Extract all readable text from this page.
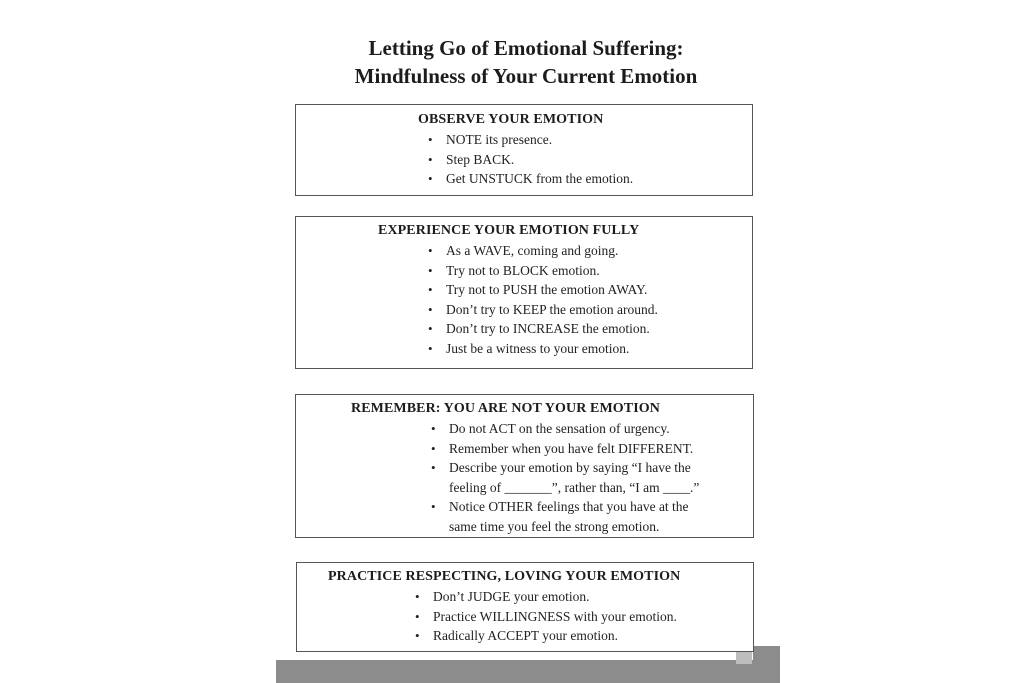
Letting Go of Emotional Suffering:
Mindfulness of Your Current Emotion
OBSERVE YOUR EMOTION
• NOTE its presence.
• Step BACK.
• Get UNSTUCK from the emotion.
EXPERIENCE YOUR EMOTION FULLY
• As a WAVE, coming and going.
• Try not to BLOCK emotion.
• Try not to PUSH the emotion AWAY.
• Don’t try to KEEP the emotion around.
• Don’t try to INCREASE the emotion.
• Just be a witness to your emotion.
REMEMBER: YOU ARE NOT YOUR EMOTION
• Do not ACT on the sensation of urgency.
• Remember when you have felt DIFFERENT.
• Describe your emotion by saying “I have the
feeling of _______”, rather than, “I am ____.”
• Notice OTHER feelings that you have at the
same time you feel the strong emotion.
PRACTICE RESPECTING, LOVING YOUR EMOTION
• Don’t JUDGE your emotion.
• Practice WILLINGNESS with your emotion.
• Radically ACCEPT your emotion.
